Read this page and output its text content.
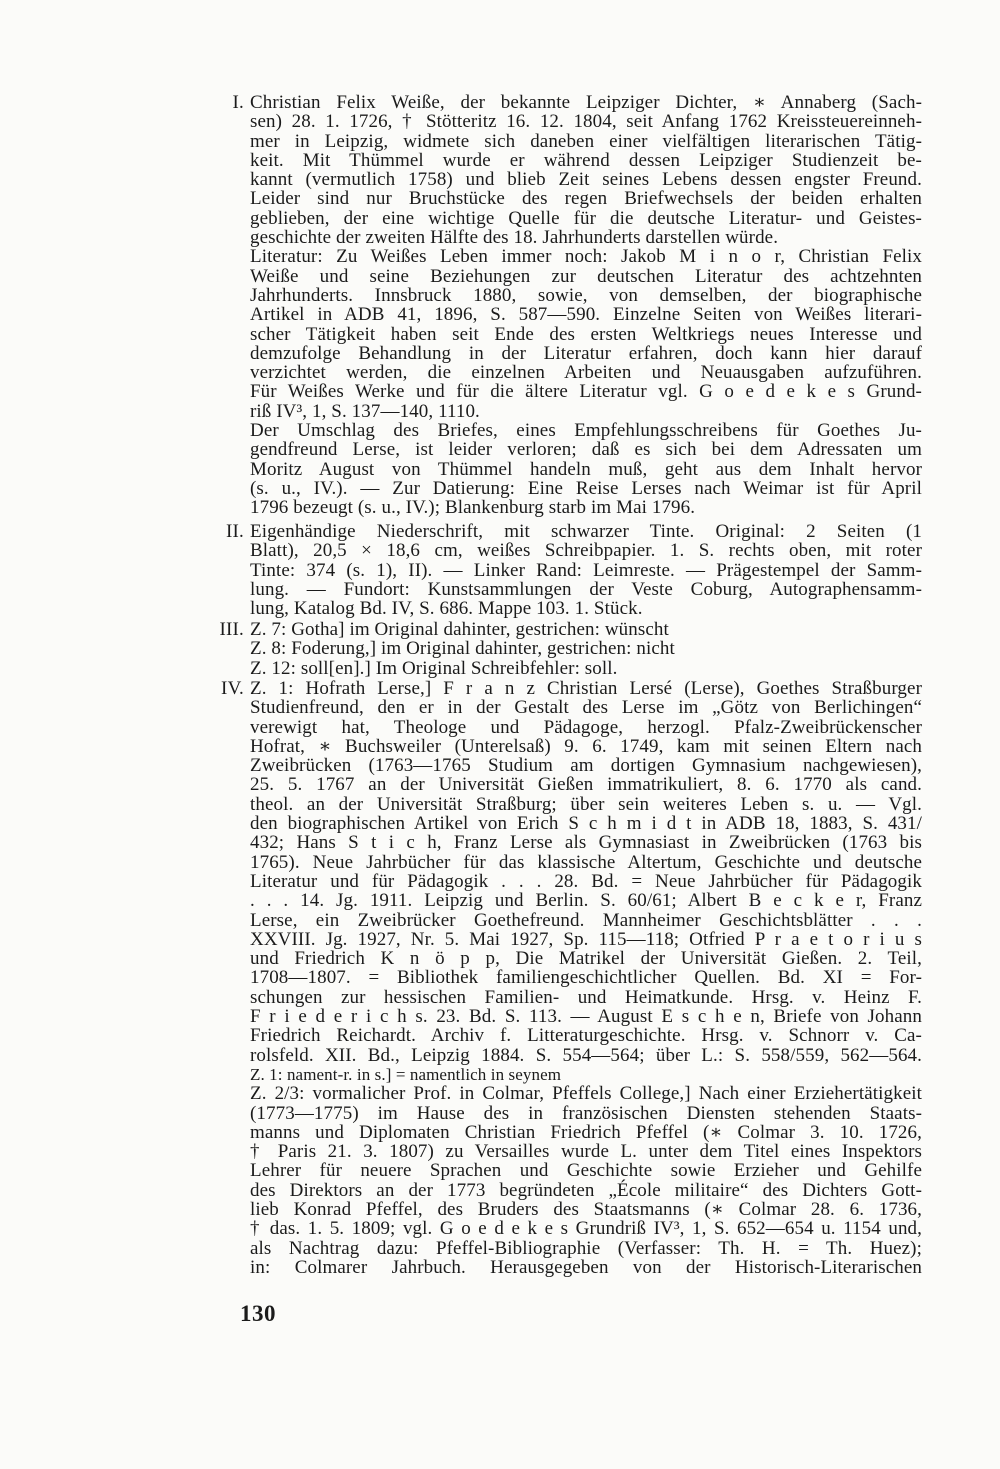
I. Christian Felix Weiße, der bekannte Leipziger Dichter, ∗ Annaberg (Sach-
sen) 28. 1. 1726, † Stötteritz 16. 12. 1804, seit Anfang 1762 Kreissteuereinneh-
mer in Leipzig, widmete sich daneben einer vielfältigen literarischen Tätig-
keit. Mit Thümmel wurde er während dessen Leipziger Studienzeit be-
kannt (vermutlich 1758) und blieb Zeit seines Lebens dessen engster Freund.
Leider sind nur Bruchstücke des regen Briefwechsels der beiden erhalten
geblieben, der eine wichtige Quelle für die deutsche Literatur- und Geistes-
geschichte der zweiten Hälfte des 18. Jahrhunderts darstellen würde.
Literatur: Zu Weißes Leben immer noch: Jakob M i n o r, Christian Felix
Weiße und seine Beziehungen zur deutschen Literatur des achtzehnten
Jahrhunderts. Innsbruck 1880, sowie, von demselben, der biographische
Artikel in ADB 41, 1896, S. 587—590. Einzelne Seiten von Weißes literari-
scher Tätigkeit haben seit Ende des ersten Weltkriegs neues Interesse und
demzufolge Behandlung in der Literatur erfahren, doch kann hier darauf
verzichtet werden, die einzelnen Arbeiten und Neuausgaben aufzuführen.
Für Weißes Werke und für die ältere Literatur vgl. G o e d e k e s Grund-
riß IV³, 1, S. 137—140, 1110.
Der Umschlag des Briefes, eines Empfehlungsschreibens für Goethes Ju-
gendfreund Lerse, ist leider verloren; daß es sich bei dem Adressaten um
Moritz August von Thümmel handeln muß, geht aus dem Inhalt hervor
(s. u., IV.). — Zur Datierung: Eine Reise Lerses nach Weimar ist für April
1796 bezeugt (s. u., IV.); Blankenburg starb im Mai 1796.
II. Eigenhändige Niederschrift, mit schwarzer Tinte. Original: 2 Seiten (1
Blatt), 20,5 × 18,6 cm, weißes Schreibpapier. 1. S. rechts oben, mit roter
Tinte: 374 (s. 1), II). — Linker Rand: Leimreste. — Prägestempel der Samm-
lung. — Fundort: Kunstsammlungen der Veste Coburg, Autographensamm-
lung, Katalog Bd. IV, S. 686. Mappe 103. 1. Stück.
III. Z. 7: Gotha] im Original dahinter, gestrichen: wünscht
Z. 8: Foderung,] im Original dahinter, gestrichen: nicht
Z. 12: soll[en].] Im Original Schreibfehler: soll.
IV. Z. 1: Hofrath Lerse,] F r a n z Christian Lersé (Lerse), Goethes Straßburger
Studienfreund, den er in der Gestalt des Lerse im „Götz von Berlichingen“
verewigt hat, Theologe und Pädagoge, herzogl. Pfalz-Zweibrückenscher
Hofrat, ∗ Buchsweiler (Unterelsaß) 9. 6. 1749, kam mit seinen Eltern nach
Zweibrücken (1763—1765 Studium am dortigen Gymnasium nachgewiesen),
25. 5. 1767 an der Universität Gießen immatrikuliert, 8. 6. 1770 als cand.
theol. an der Universität Straßburg; über sein weiteres Leben s. u. — Vgl.
den biographischen Artikel von Erich S c h m i d t in ADB 18, 1883, S. 431/
432; Hans S t i c h, Franz Lerse als Gymnasiast in Zweibrücken (1763 bis
1765). Neue Jahrbücher für das klassische Altertum, Geschichte und deutsche
Literatur und für Pädagogik . . . 28. Bd. = Neue Jahrbücher für Pädagogik
. . . 14. Jg. 1911. Leipzig und Berlin. S. 60/61; Albert B e c k e r, Franz
Lerse, ein Zweibrücker Goethefreund. Mannheimer Geschichtsblätter . . .
XXVIII. Jg. 1927, Nr. 5. Mai 1927, Sp. 115—118; Otfried P r a e t o r i u s
und Friedrich K n ö p p, Die Matrikel der Universität Gießen. 2. Teil,
1708—1807. = Bibliothek familiengeschichtlicher Quellen. Bd. XI = For-
schungen zur hessischen Familien- und Heimatkunde. Hrsg. v. Heinz F.
F r i e d e r i c h s. 23. Bd. S. 113. — August E s c h e n, Briefe von Johann
Friedrich Reichardt. Archiv f. Litteraturgeschichte. Hrsg. v. Schnorr v. Ca-
rolsfeld. XII. Bd., Leipzig 1884. S. 554—564; über L.: S. 558/559, 562—564.
Z. 1: nament-r. in s.] = namentlich in seynem
Z. 2/3: vormalicher Prof. in Colmar, Pfeffels College,] Nach einer Erziehertätigkeit
(1773—1775) im Hause des in französischen Diensten stehenden Staats-
manns und Diplomaten Christian Friedrich Pfeffel (∗ Colmar 3. 10. 1726,
† Paris 21. 3. 1807) zu Versailles wurde L. unter dem Titel eines Inspektors
Lehrer für neuere Sprachen und Geschichte sowie Erzieher und Gehilfe
des Direktors an der 1773 begründeten „École militaire“ des Dichters Gott-
lieb Konrad Pfeffel, des Bruders des Staatsmanns (∗ Colmar 28. 6. 1736,
† das. 1. 5. 1809; vgl. G o e d e k e s Grundriß IV³, 1, S. 652—654 u. 1154 und,
als Nachtrag dazu: Pfeffel-Bibliographie (Verfasser: Th. H. = Th. Huez);
in: Colmarer Jahrbuch. Herausgegeben von der Historisch-Literarischen
130
